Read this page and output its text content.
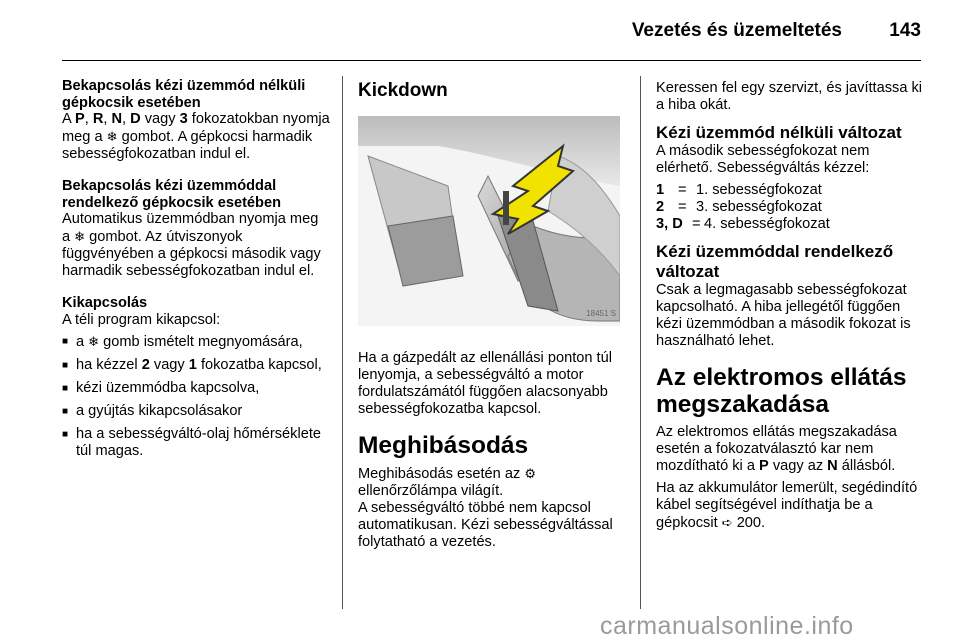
Vezetés és üzemeltetés 143
Bekapcsolás kézi üzemmód nélküli gépkocsik esetében

A P, R, N, D vagy 3 fokozatokban nyomja meg a ❄ gombot. A gépkocsi harmadik sebességfokozatban indul el.

Bekapcsolás kézi üzemmóddal rendelkező gépkocsik esetében

Automatikus üzemmódban nyomja meg a ❄ gombot. Az útviszonyok függvényében a gépkocsi második vagy harmadik sebességfokozatban indul el.

Kikapcsolás

A téli program kikapcsol:

■ a ❄ gomb ismételt megnyomására,
■ ha kézzel 2 vagy 1 fokozatba kapcsol,
■ kézi üzemmódba kapcsolva,
■ a gyújtás kikapcsolásakor
■ ha a sebességváltó-olaj hőmérséklete túl magas.
Kickdown
18451 S

Ha a gázpedált az ellenállási ponton túl lenyomja, a sebességváltó a motor fordulatszámától függően alacsonyabb sebességfokozatba kapcsol.

Meghibásodás

Meghibásodás esetén az ⚙ ellenőrzőlámpa világít.

A sebességváltó többé nem kapcsol automatikusan. Kézi sebességváltással folytatható a vezetés.

Keressen fel egy szervizt, és javíttassa ki a hiba okát.

Kézi üzemmód nélküli változat

A második sebességfokozat nem elérhető. Sebességváltás kézzel:

1 = 1. sebességfokozat
2 = 3. sebességfokozat
3, D = 4. sebességfokozat
Kézi üzemmóddal rendelkező változat

Csak a legmagasabb sebességfokozat kapcsolható. A hiba jellegétől függően kézi üzemmódban a második fokozat is használható lehet.

Az elektromos ellátás megszakadása

Az elektromos ellátás megszakadása esetén a fokozatválasztó kar nem mozdítható ki a P vagy az N állásból.

Ha az akkumulátor lemerült, segédindító kábel segítségével indíthatja be a gépkocsit ➪ 200.

carmanualsonline.info
